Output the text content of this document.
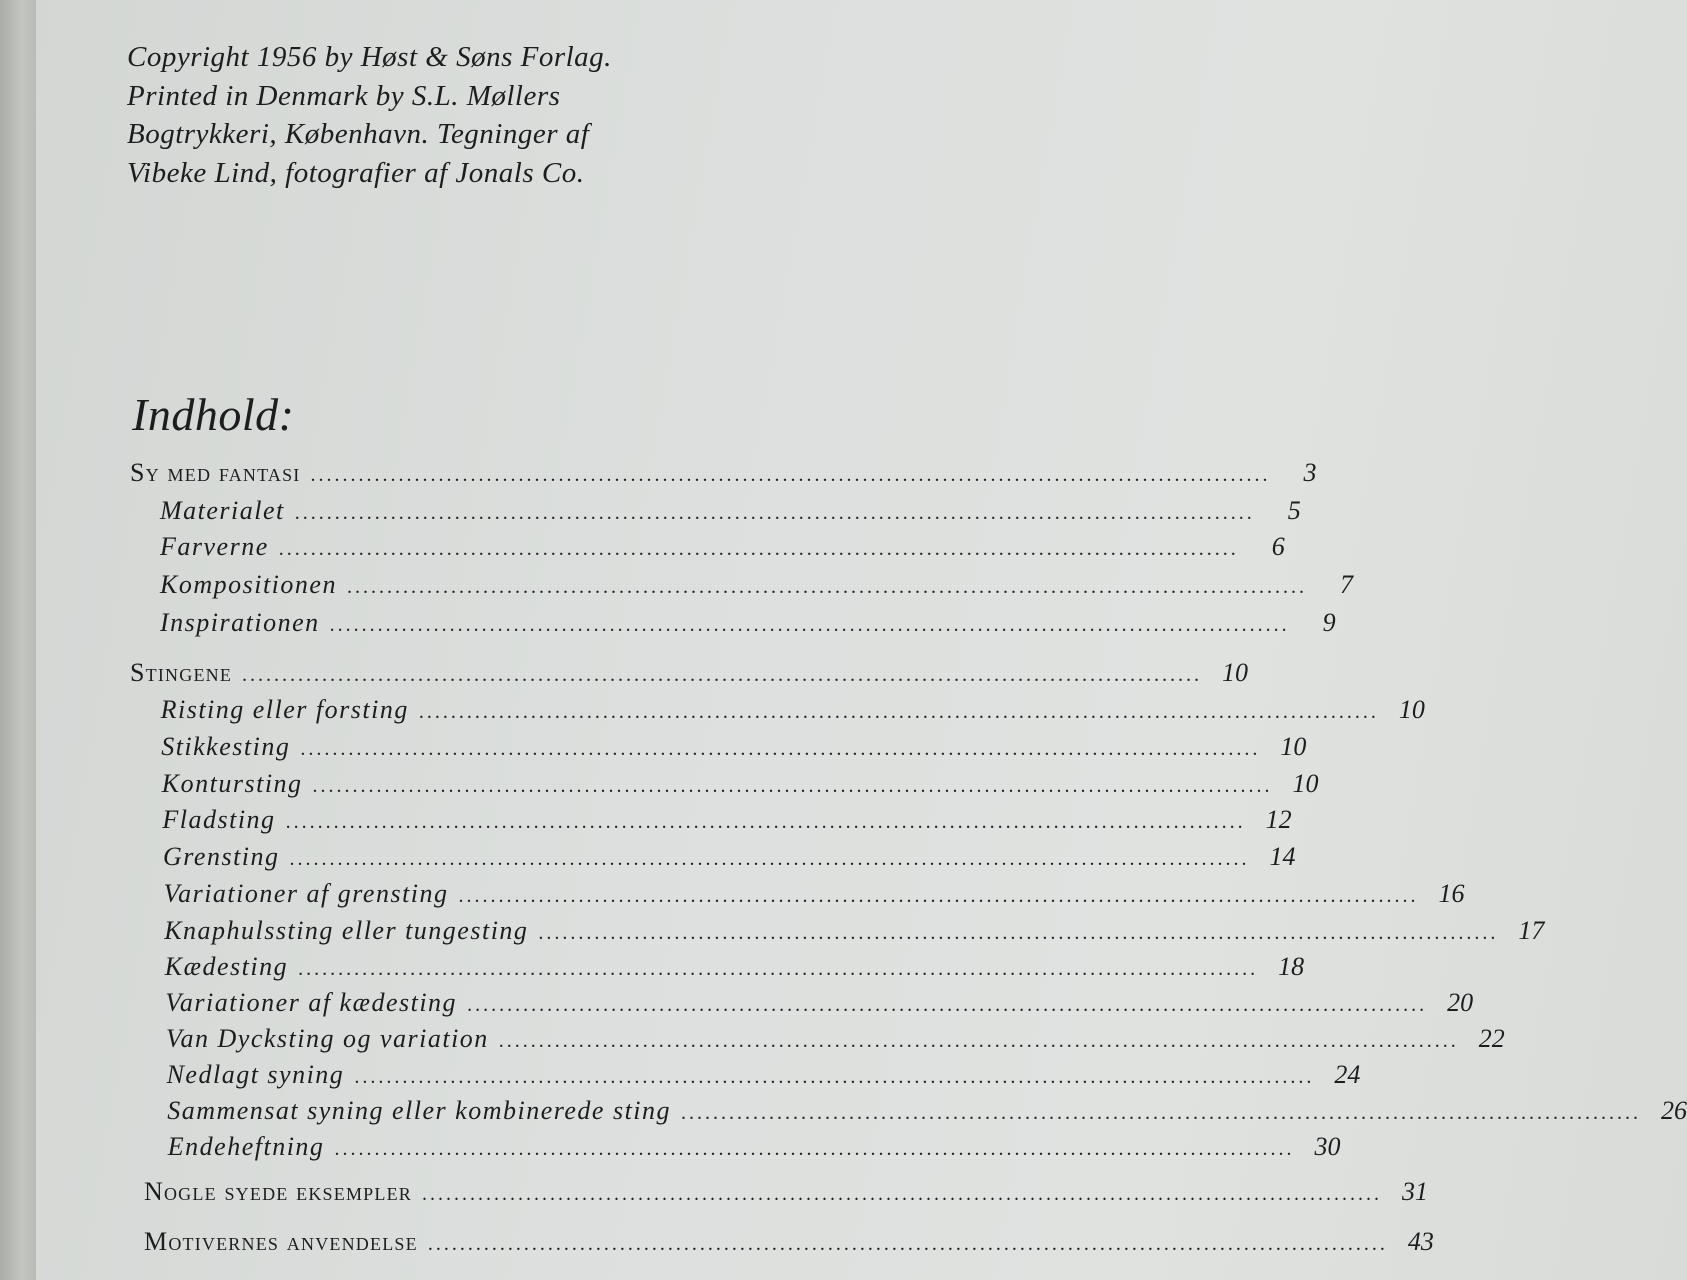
Copyright 1956 by Høst & Søns Forlag.
Printed in Denmark by S.L. Møllers
Bogtrykkeri, København. Tegninger af
Vibeke Lind, fotografier af Jonals Co.
Indhold:
Sy med fantasi ........................................................................................................................	3
Materialet ........................................................................................................................	5
Farverne ........................................................................................................................	6
Kompositionen ........................................................................................................................	7
Inspirationen ........................................................................................................................	9
Stingene ........................................................................................................................ 10
Risting eller forsting ........................................................................................................................ 10
Stikkesting ........................................................................................................................ 10
Kontursting ........................................................................................................................ 10
Fladsting ........................................................................................................................ 12
Grensting ........................................................................................................................ 14
Variationer af grensting ........................................................................................................................ 16
Knaphulssting eller tungesting ........................................................................................................................ 17
Kædesting ........................................................................................................................ 18
Variationer af kædesting ........................................................................................................................ 20
Van Dycksting og variation ........................................................................................................................ 22
Nedlagt syning ........................................................................................................................ 24
Sammensat syning eller kombinerede sting ........................................................................................................................ 26
Endeheftning ........................................................................................................................ 30
Nogle syede eksempler ........................................................................................................................ 31
Motivernes anvendelse ........................................................................................................................ 43
